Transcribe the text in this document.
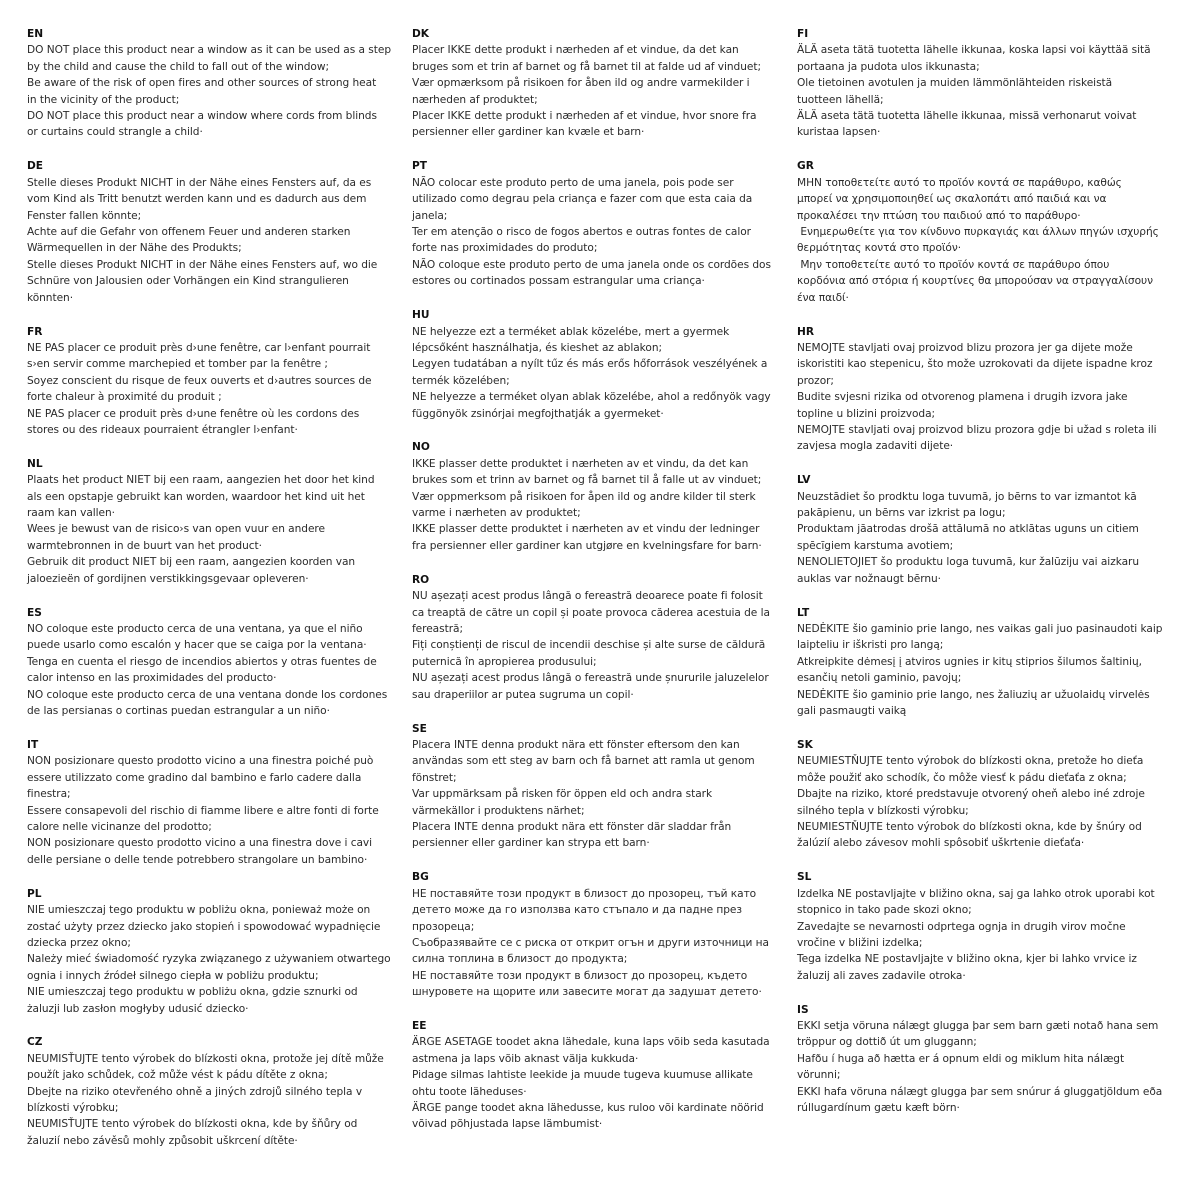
EN

DO NOT place this product near a window as it can be used as a step

by the child and cause the child to fall out of the window;

Be aware of the risk of open fires and other sources of strong heat

in the vicinity of the product;

DO NOT place this product near a window where cords from blinds

or curtains could strangle a child·

DE

Stelle dieses Produkt NICHT in der Nähe eines Fensters auf, da es

vom Kind als Tritt benutzt werden kann und es dadurch aus dem

Fenster fallen könnte;

Achte auf die Gefahr von offenem Feuer und anderen starken

Wärmequellen in der Nähe des Produkts;

Stelle dieses Produkt NICHT in der Nähe eines Fensters auf, wo die

Schnüre von Jalousien oder Vorhängen ein Kind strangulieren

könnten·

FR

NE PAS placer ce produit près d›une fenêtre, car l›enfant pourrait

s›en servir comme marchepied et tomber par la fenêtre ;

Soyez conscient du risque de feux ouverts et d›autres sources de

forte chaleur à proximité du produit ;

NE PAS placer ce produit près d›une fenêtre où les cordons des

stores ou des rideaux pourraient étrangler l›enfant·

NL

Plaats het product NIET bij een raam, aangezien het door het kind

als een opstapje gebruikt kan worden, waardoor het kind uit het

raam kan vallen·

Wees je bewust van de risico›s van open vuur en andere

warmtebronnen in de buurt van het product·

Gebruik dit product NIET bij een raam, aangezien koorden van

jaloezieën of gordijnen verstikkingsgevaar opleveren·

ES

NO coloque este producto cerca de una ventana, ya que el niño

puede usarlo como escalón y hacer que se caiga por la ventana·

Tenga en cuenta el riesgo de incendios abiertos y otras fuentes de

calor intenso en las proximidades del producto·

NO coloque este producto cerca de una ventana donde los cordones

de las persianas o cortinas puedan estrangular a un niño·

IT

NON posizionare questo prodotto vicino a una finestra poiché può

essere utilizzato come gradino dal bambino e farlo cadere dalla

finestra;

Essere consapevoli del rischio di fiamme libere e altre fonti di forte

calore nelle vicinanze del prodotto;

NON posizionare questo prodotto vicino a una finestra dove i cavi

delle persiane o delle tende potrebbero strangolare un bambino·

PL

NIE umieszczaj tego produktu w pobliżu okna, ponieważ może on

zostać użyty przez dziecko jako stopień i spowodować wypadnięcie

dziecka przez okno;

Należy mieć świadomość ryzyka związanego z używaniem otwartego

ognia i innych źródeł silnego ciepła w pobliżu produktu;

NIE umieszczaj tego produktu w pobliżu okna, gdzie sznurki od

żaluzji lub zasłon mogłyby udusić dziecko·

CZ

NEUMISŤUJTE tento výrobek do blízkosti okna, protože jej dítě může

použít jako schůdek, což může vést k pádu dítěte z okna;

Dbejte na riziko otevřeného ohně a jiných zdrojů silného tepla v

blízkosti výrobku;

NEUMISŤUJTE tento výrobek do blízkosti okna, kde by šňůry od

žaluzií nebo závěsů mohly způsobit uškrcení dítěte·

DK

Placer IKKE dette produkt i nærheden af et vindue, da det kan

bruges som et trin af barnet og få barnet til at falde ud af vinduet;

Vær opmærksom på risikoen for åben ild og andre varmekilder i

nærheden af produktet;

Placer IKKE dette produkt i nærheden af et vindue, hvor snore fra

persienner eller gardiner kan kvæle et barn·

PT

NÃO colocar este produto perto de uma janela, pois pode ser

utilizado como degrau pela criança e fazer com que esta caia da

janela;

Ter em atenção o risco de fogos abertos e outras fontes de calor

forte nas proximidades do produto;

NÃO coloque este produto perto de uma janela onde os cordões dos

estores ou cortinados possam estrangular uma criança·

HU

NE helyezze ezt a terméket ablak közelébe, mert a gyermek

lépcsőként használhatja, és kieshet az ablakon;

Legyen tudatában a nyílt tűz és más erős hőforrások veszélyének a

termék közelében;

NE helyezze a terméket olyan ablak közelébe, ahol a redőnyök vagy

függönyök zsinórjai megfojthatják a gyermeket·

NO

IKKE plasser dette produktet i nærheten av et vindu, da det kan

brukes som et trinn av barnet og få barnet til å falle ut av vinduet;

Vær oppmerksom på risikoen for åpen ild og andre kilder til sterk

varme i nærheten av produktet;

IKKE plasser dette produktet i nærheten av et vindu der ledninger

fra persienner eller gardiner kan utgjøre en kvelningsfare for barn·

RO

NU așezați acest produs lângă o fereastră deoarece poate fi folosit

ca treaptă de către un copil și poate provoca căderea acestuia de la

fereastră;

Fiți conștienți de riscul de incendii deschise și alte surse de căldură

puternică în apropierea produsului;

NU așezați acest produs lângă o fereastră unde șnururile jaluzelelor

sau draperiilor ar putea sugruma un copil·

SE

Placera INTE denna produkt nära ett fönster eftersom den kan

användas som ett steg av barn och få barnet att ramla ut genom

fönstret;

Var uppmärksam på risken för öppen eld och andra stark

värmekällor i produktens närhet;

Placera INTE denna produkt nära ett fönster där sladdar från

persienner eller gardiner kan strypa ett barn·

BG

НЕ поставяйте този продукт в близост до прозорец, тъй като

детето може да го използва като стъпало и да падне през

прозореца;

Съобразявайте се с риска от открит огън и други източници на

силна топлина в близост до продукта;

НЕ поставяйте този продукт в близост до прозорец, където

шнуровете на щорите или завесите могат да задушат детето·

EE

ÄRGE ASETAGE toodet akna lähedale, kuna laps võib seda kasutada

astmena ja laps võib aknast välja kukkuda·

Pidage silmas lahtiste leekide ja muude tugeva kuumuse allikate

ohtu toote läheduses·

ÄRGE pange toodet akna lähedusse, kus ruloo või kardinate nöörid

võivad põhjustada lapse lämbumist·

FI

ÄLÄ aseta tätä tuotetta lähelle ikkunaa, koska lapsi voi käyttää sitä

portaana ja pudota ulos ikkunasta;

Ole tietoinen avotulen ja muiden lämmönlähteiden riskeistä

tuotteen lähellä;

ÄLÄ aseta tätä tuotetta lähelle ikkunaa, missä verhonarut voivat

kuristaa lapsen·

GR

ΜΗΝ τοποθετείτε αυτό το προϊόν κοντά σε παράθυρο, καθώς

μπορεί να χρησιμοποιηθεί ως σκαλοπάτι από παιδιά και να

προκαλέσει την πτώση του παιδιού από το παράθυρο·

Ενημερωθείτε για τον κίνδυνο πυρκαγιάς και άλλων πηγών ισχυρής

θερμότητας κοντά στο προϊόν·

Μην τοποθετείτε αυτό το προϊόν κοντά σε παράθυρο όπου

κορδόνια από στόρια ή κουρτίνες θα μπορούσαν να στραγγαλίσουν

ένα παιδί·

HR

NEMOJTE stavljati ovaj proizvod blizu prozora jer ga dijete može

iskoristiti kao stepenicu, što može uzrokovati da dijete ispadne kroz

prozor;

Budite svjesni rizika od otvorenog plamena i drugih izvora jake

topline u blizini proizvoda;

NEMOJTE stavljati ovaj proizvod blizu prozora gdje bi užad s roleta ili

zavjesa mogla zadaviti dijete·

LV

Neuzstādiet šo prodktu loga tuvumā, jo bērns to var izmantot kā

pakāpienu, un bērns var izkrist pa logu;

Produktam jāatrodas drošā attālumā no atklātas uguns un citiem

spēcīgiem karstuma avotiem;

NENOLIETOJIET šo produktu loga tuvumā, kur žalūziju vai aizkaru

auklas var nožnaugt bērnu·

LT

NEDĖKITE šio gaminio prie lango, nes vaikas gali juo pasinaudoti kaip

laipteliu ir iškristi pro langą;

Atkreipkite dėmesį į atviros ugnies ir kitų stiprios šilumos šaltinių,

esančių netoli gaminio, pavojų;

NEDĖKITE šio gaminio prie lango, nes žaliuzių ar užuolaidų virvelės

gali pasmaugti vaiką

SK

NEUMIESTŇUJTE tento výrobok do blízkosti okna, pretože ho dieťa

môže použiť ako schodík, čo môže viesť k pádu dieťaťa z okna;

Dbajte na riziko, ktoré predstavuje otvorený oheň alebo iné zdroje

silného tepla v blízkosti výrobku;

NEUMIESTŇUJTE tento výrobok do blízkosti okna, kde by šnúry od

žalúzií alebo závesov mohli spôsobiť uškrtenie dieťaťa·

SL

Izdelka NE postavljajte v bližino okna, saj ga lahko otrok uporabi kot

stopnico in tako pade skozi okno;

Zavedajte se nevarnosti odprtega ognja in drugih virov močne

vročine v bližini izdelka;

Tega izdelka NE postavljajte v bližino okna, kjer bi lahko vrvice iz

žaluzij ali zaves zadavile otroka·

IS

EKKI setja vöruna nálægt glugga þar sem barn gæti notað hana sem

tröppur og dottið út um gluggann;

Hafðu í huga að hætta er á opnum eldi og miklum hita nálægt

vörunni;

EKKI hafa vöruna nálægt glugga þar sem snúrur á gluggatjöldum eða

rúllugardínum gætu kæft börn·
